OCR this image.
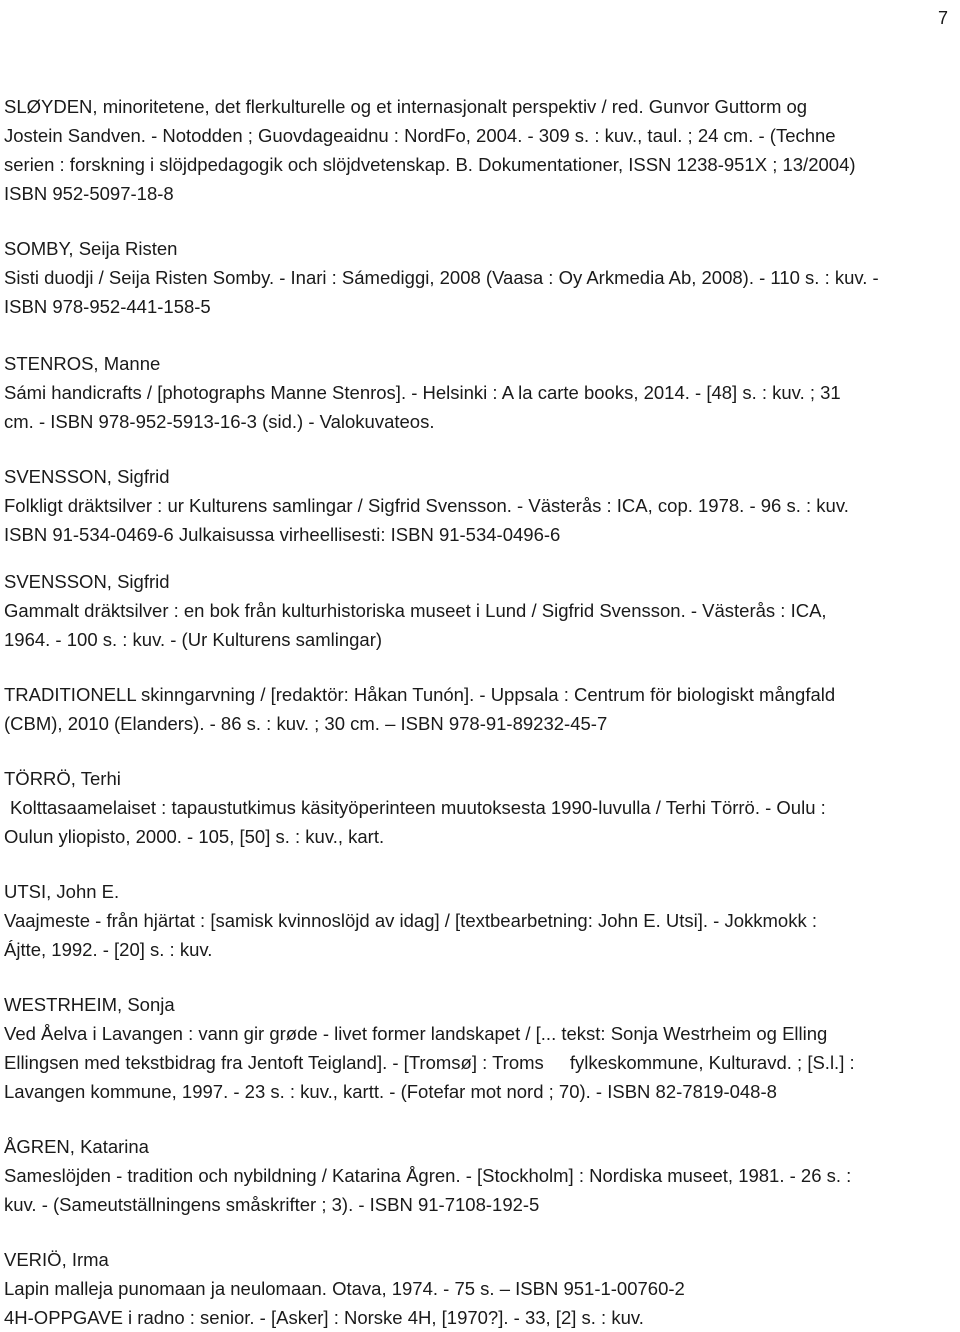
7
SLØYDEN, minoritetene, det flerkulturelle og et internasjonalt perspektiv / red. Gunvor Guttorm og
Jostein Sandven. - Notodden ; Guovdageaidnu : NordFo, 2004. - 309 s. : kuv., taul. ; 24 cm. - (Techne
serien : forskning i slöjdpedagogik och slöjdvetenskap. B. Dokumentationer, ISSN 1238-951X ; 13/2004)
ISBN 952-5097-18-8
SOMBY, Seija Risten
Sisti duodji / Seija Risten Somby. - Inari : Sámediggi, 2008 (Vaasa : Oy Arkmedia Ab, 2008). - 110 s. : kuv. -
ISBN 978-952-441-158-5
STENROS, Manne
Sámi handicrafts / [photographs Manne Stenros]. - Helsinki : A la carte books, 2014. - [48] s. : kuv. ; 31
cm. - ISBN 978-952-5913-16-3 (sid.) - Valokuvateos.
SVENSSON, Sigfrid
Folkligt dräktsilver : ur Kulturens samlingar / Sigfrid Svensson. - Västerås : ICA, cop. 1978. - 96 s. : kuv.
ISBN 91-534-0469-6 Julkaisussa virheellisesti: ISBN 91-534-0496-6
SVENSSON, Sigfrid
Gammalt dräktsilver : en bok från kulturhistoriska museet i Lund / Sigfrid Svensson. - Västerås : ICA,
1964. - 100 s. : kuv. - (Ur Kulturens samlingar)
TRADITIONELL skinngarvning / [redaktör: Håkan Tunón]. - Uppsala : Centrum för biologiskt mångfald
(CBM), 2010 (Elanders). - 86 s. : kuv. ; 30 cm. – ISBN 978-91-89232-45-7
TÖRRÖ, Terhi
Kolttasaamelaiset : tapaustutkimus käsityöperinteen muutoksesta 1990-luvulla / Terhi Törrö. - Oulu :
Oulun yliopisto, 2000. - 105, [50] s. : kuv., kart.
UTSI, John E.
Vaajmeste - från hjärtat : [samisk kvinnoslöjd av idag] / [textbearbetning: John E. Utsi]. - Jokkmokk :
Ájtte, 1992. - [20] s. : kuv.
WESTRHEIM, Sonja
Ved Åelva i Lavangen : vann gir grøde - livet former landskapet / [... tekst: Sonja Westrheim og Elling
Ellingsen med tekstbidrag fra Jentoft Teigland]. - [Tromsø] : Troms fylkeskommune, Kulturavd. ; [S.l.] :
Lavangen kommune, 1997. - 23 s. : kuv., kartt. - (Fotefar mot nord ; 70). - ISBN 82-7819-048-8
ÅGREN, Katarina
Sameslöjden - tradition och nybildning / Katarina Ågren. - [Stockholm] : Nordiska museet, 1981. - 26 s. :
kuv. - (Sameutställningens småskrifter ; 3). - ISBN 91-7108-192-5
VERIÖ, Irma
Lapin malleja punomaan ja neulomaan. Otava, 1974. - 75 s. – ISBN 951-1-00760-2
4H-OPPGAVE i radno : senior. - [Asker] : Norske 4H, [1970?]. - 33, [2] s. : kuv.
